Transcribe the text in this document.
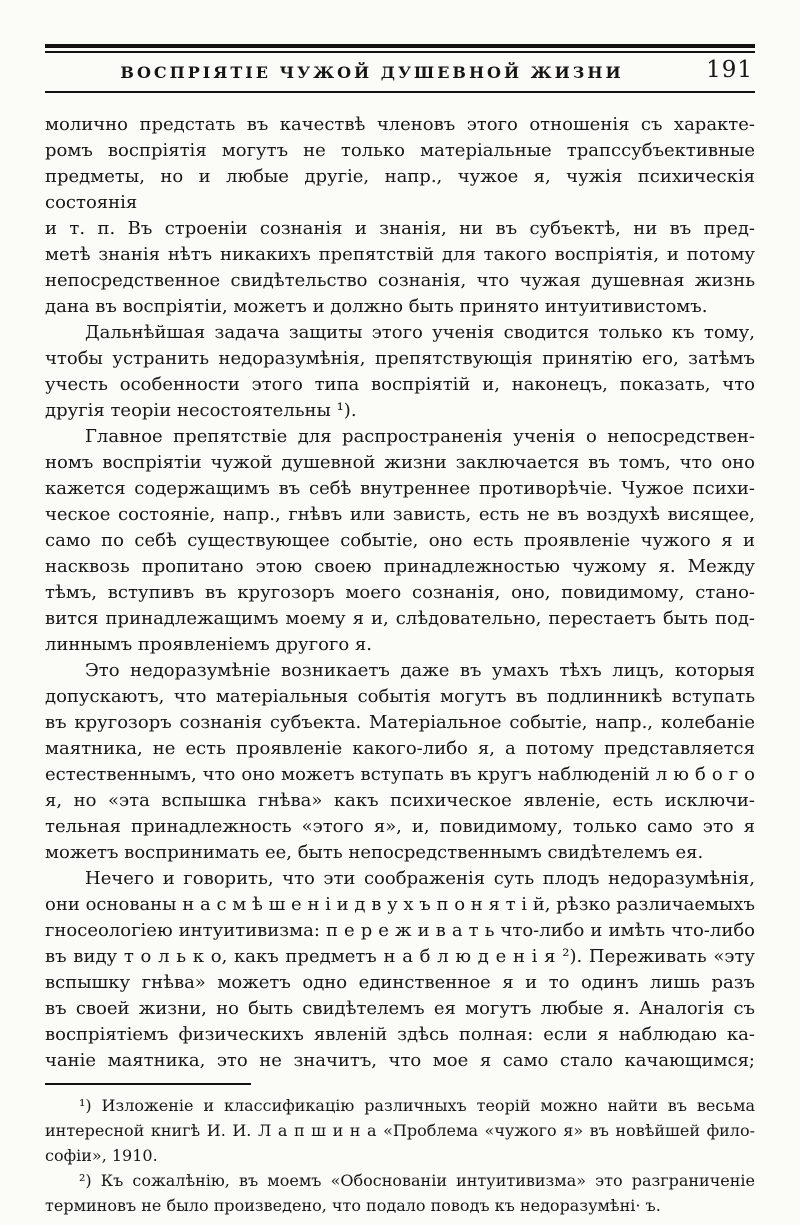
ВОСПРІЯТІЕ ЧУЖОЙ ДУШЕВНОЙ ЖИЗНИ	191
молично предстать въ качествѣ членовъ этого отношенія съ характе-
ромъ воспріятія могутъ не только матеріальные трапссубъективные
предметы, но и любые другіе, напр., чужое я, чужія психическія состоянія
и т. п. Въ строеніи сознанія и знанія, ни въ субъектѣ, ни въ пред-
метѣ знанія нѣтъ никакихъ препятствій для такого воспріятія, и потому
непосредственное свидѣтельство сознанія, что чужая душевная жизнь
дана въ воспріятіи, можетъ и должно быть принято интуитивистомъ.
Дальнѣйшая задача защиты этого ученія сводится только къ тому,
чтобы устранить недоразумѣнія, препятствующія принятію его, затѣмъ
учесть особенности этого типа воспріятій и, наконецъ, показать, что
другія теоріи несостоятельны ¹).
Главное препятствіе для распространенія ученія о непосредствен-
номъ воспріятіи чужой душевной жизни заключается въ томъ, что оно
кажется содержащимъ въ себѣ внутреннее противорѣчіе. Чужое психи-
ческое состояніе, напр., гнѣвъ или зависть, есть не въ воздухѣ висящее,
само по себѣ существующее событіе, оно есть проявленіе чужого я и
насквозь пропитано этою своею принадлежностью чужому я. Между
тѣмъ, вступивъ въ кругозоръ моего сознанія, оно, повидимому, стано-
вится принадлежащимъ моему я и, слѣдовательно, перестаетъ быть под-
линнымъ проявленіемъ другого я.
Это недоразумѣніе возникаетъ даже въ умахъ тѣхъ лицъ, которыя
допускаютъ, что матеріальныя событія могутъ въ подлинникѣ вступать
въ кругозоръ сознанія субъекта. Матеріальное событіе, напр., колебаніе
маятника, не есть проявленіе какого-либо я, а потому представляется
естественнымъ, что оно можетъ вступать въ кругъ наблюденій л ю б о г о
я, но «эта вспышка гнѣва» какъ психическое явленіе, есть исключи-
тельная принадлежность «этого я», и, повидимому, только само это я
можетъ воспринимать ее, быть непосредственнымъ свидѣтелемъ ея.
Нечего и говорить, что эти соображенія суть плодъ недоразумѣнія,
они основаны н а с м ѣ ш е н і и д в у х ъ п о н я т і й, рѣзко различаемыхъ
гносеологіею интуитивизма: п е р е ж и в а т ь что-либо и имѣть что-либо
въ виду т о л ь к о, какъ предметъ н а б л ю д е н і я ²). Переживать «эту
вспышку гнѣва» можетъ одно единственное я и то одинъ лишь разъ
въ своей жизни, но быть свидѣтелемъ ея могутъ любые я. Аналогія съ
воспріятіемъ физическихъ явленій здѣсь полная: если я наблюдаю ка-
чаніе маятника, это не значитъ, что мое я само стало качающимся;
¹) Изложеніе и классификацію различныхъ теорій можно найти въ весьма
интересной книгѣ И. И. Л а п ш и н а «Проблема «чужого я» въ новѣйшей фило-
софіи», 1910.
²) Къ сожалѣнію, въ моемъ «Обоснованіи интуитивизма» это разграниченіе
терминовъ не было произведено, что подало поводъ къ недоразумѣні· ъ.
